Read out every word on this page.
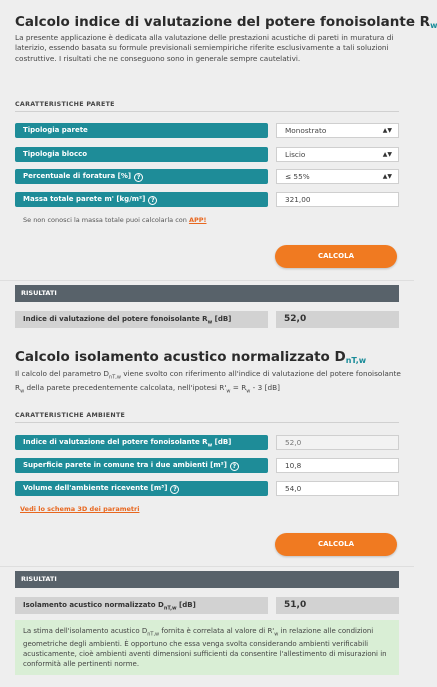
Calcolo indice di valutazione del potere fonoisolante $R_w$
La presente applicazione è dedicata alla valutazione delle prestazioni acustiche di pareti in muratura di laterizio, essendo basata su formule previsionali semiempiriche riferite esclusivamente a tali soluzioni costruttive. I risultati che ne conseguono sono in generale sempre cautelativi.
CARATTERISTICHE PARETE
Tipologia parete	Monostrato	▲▼
Tipologia blocco	Liscio	▲▼
Percentuale di foratura [%] ?	≤ 55%	▲▼
Massa totale parete m' [kg/m²] ?	321,00
Se non conosci la massa totale puoi calcolarla con APP!
CALCOLA
RISULTATI
Indice di valutazione del potere fonoisolante $R_w$ [dB]	52,0
Calcolo isolamento acustico normalizzato $D_{nT,w}$
Il calcolo del parametro $D_{nT,w}$ viene svolto con riferimento all'indice di valutazione del potere fonoisolante $R_w$ della parete precedentemente calcolata, nell'ipotesi $R'_w = R_w - 3$ [dB]
CARATTERISTICHE AMBIENTE
Indice di valutazione del potere fonoisolante $R_w$ [dB]	52,0
Superficie parete in comune tra i due ambienti [m²] ?	10,8
Volume dell'ambiente ricevente [m³] ?	54,0
Vedi lo schema 3D dei parametri
CALCOLA
RISULTATI
Isolamento acustico normalizzato $D_{nT,w}$ [dB]	51,0
La stima dell'isolamento acustico $D_{nT,w}$ fornita è correlata al valore di $R'_w$ in relazione alle condizioni geometriche degli ambienti. È opportuno che essa venga svolta considerando ambienti verificabili acusticamente, cioè ambienti aventi dimensioni sufficienti da consentire l'allestimento di misurazioni in conformità alle pertinenti norme.
